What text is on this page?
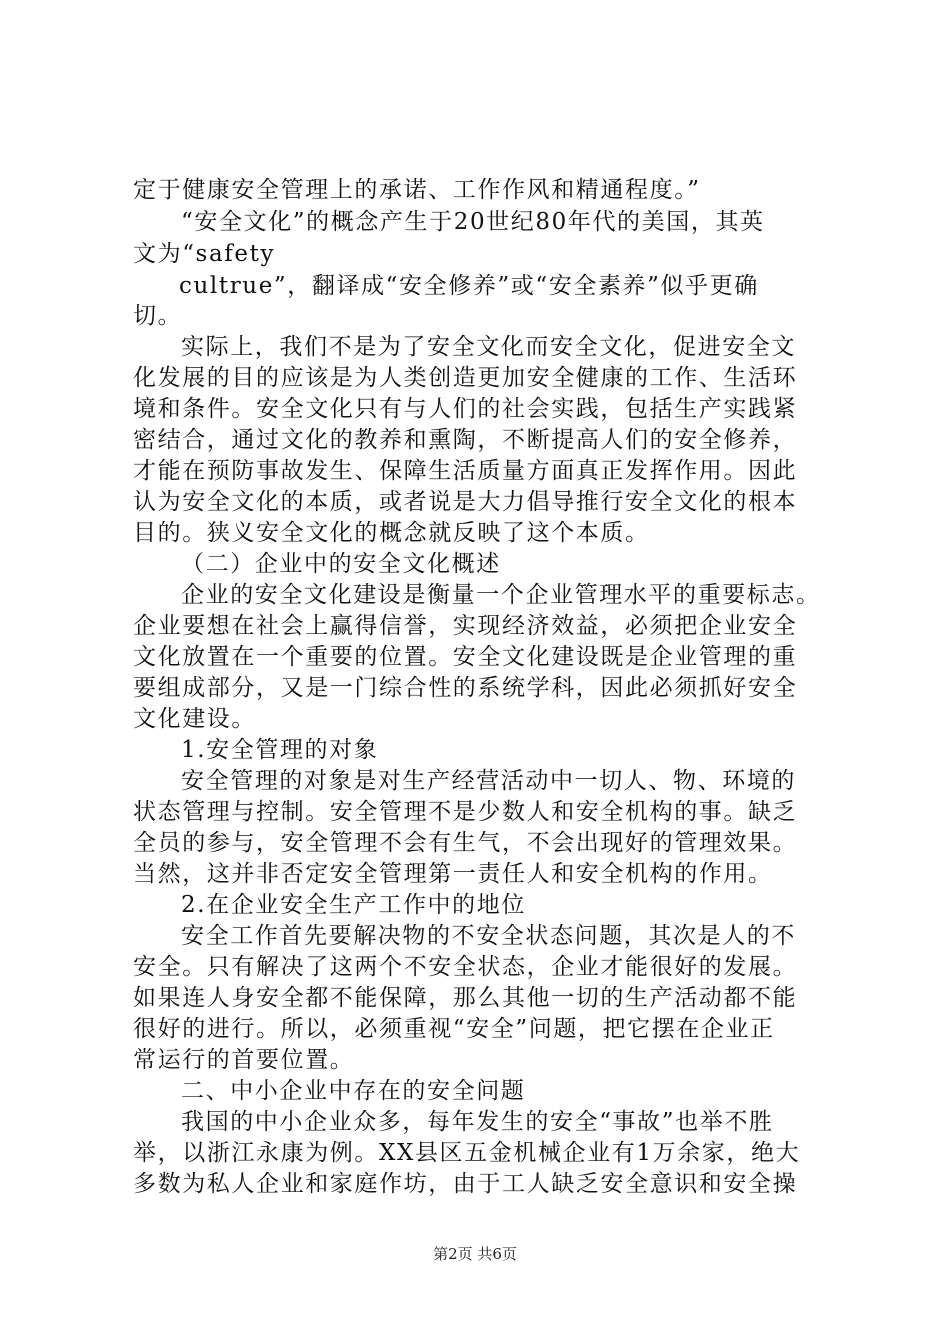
定于健康安全管理上的承诺、工作作风和精通程度。”
“安全文化”的概念产生于20世纪80年代的美国，其英
文为“safety
cultrue”，翻译成“安全修养”或“安全素养”似乎更确
切。
实际上，我们不是为了安全文化而安全文化，促进安全文
化发展的目的应该是为人类创造更加安全健康的工作、生活环
境和条件。安全文化只有与人们的社会实践，包括生产实践紧
密结合，通过文化的教养和熏陶，不断提高人们的安全修养，
才能在预防事故发生、保障生活质量方面真正发挥作用。因此
认为安全文化的本质，或者说是大力倡导推行安全文化的根本
目的。狭义安全文化的概念就反映了这个本质。
（二）企业中的安全文化概述
企业的安全文化建设是衡量一个企业管理水平的重要标志。
企业要想在社会上赢得信誉，实现经济效益，必须把企业安全
文化放置在一个重要的位置。安全文化建设既是企业管理的重
要组成部分，又是一门综合性的系统学科，因此必须抓好安全
文化建设。
1.安全管理的对象
安全管理的对象是对生产经营活动中一切人、物、环境的
状态管理与控制。安全管理不是少数人和安全机构的事。缺乏
全员的参与，安全管理不会有生气，不会出现好的管理效果。
当然，这并非否定安全管理第一责任人和安全机构的作用。
2.在企业安全生产工作中的地位
安全工作首先要解决物的不安全状态问题，其次是人的不
安全。只有解决了这两个不安全状态，企业才能很好的发展。
如果连人身安全都不能保障，那么其他一切的生产活动都不能
很好的进行。所以，必须重视“安全”问题，把它摆在企业正
常运行的首要位置。
二、中小企业中存在的安全问题
我国的中小企业众多，每年发生的安全“事故”也举不胜
举，以浙江永康为例。XX县区五金机械企业有1万余家，绝大
多数为私人企业和家庭作坊，由于工人缺乏安全意识和安全操
第2页 共6页
